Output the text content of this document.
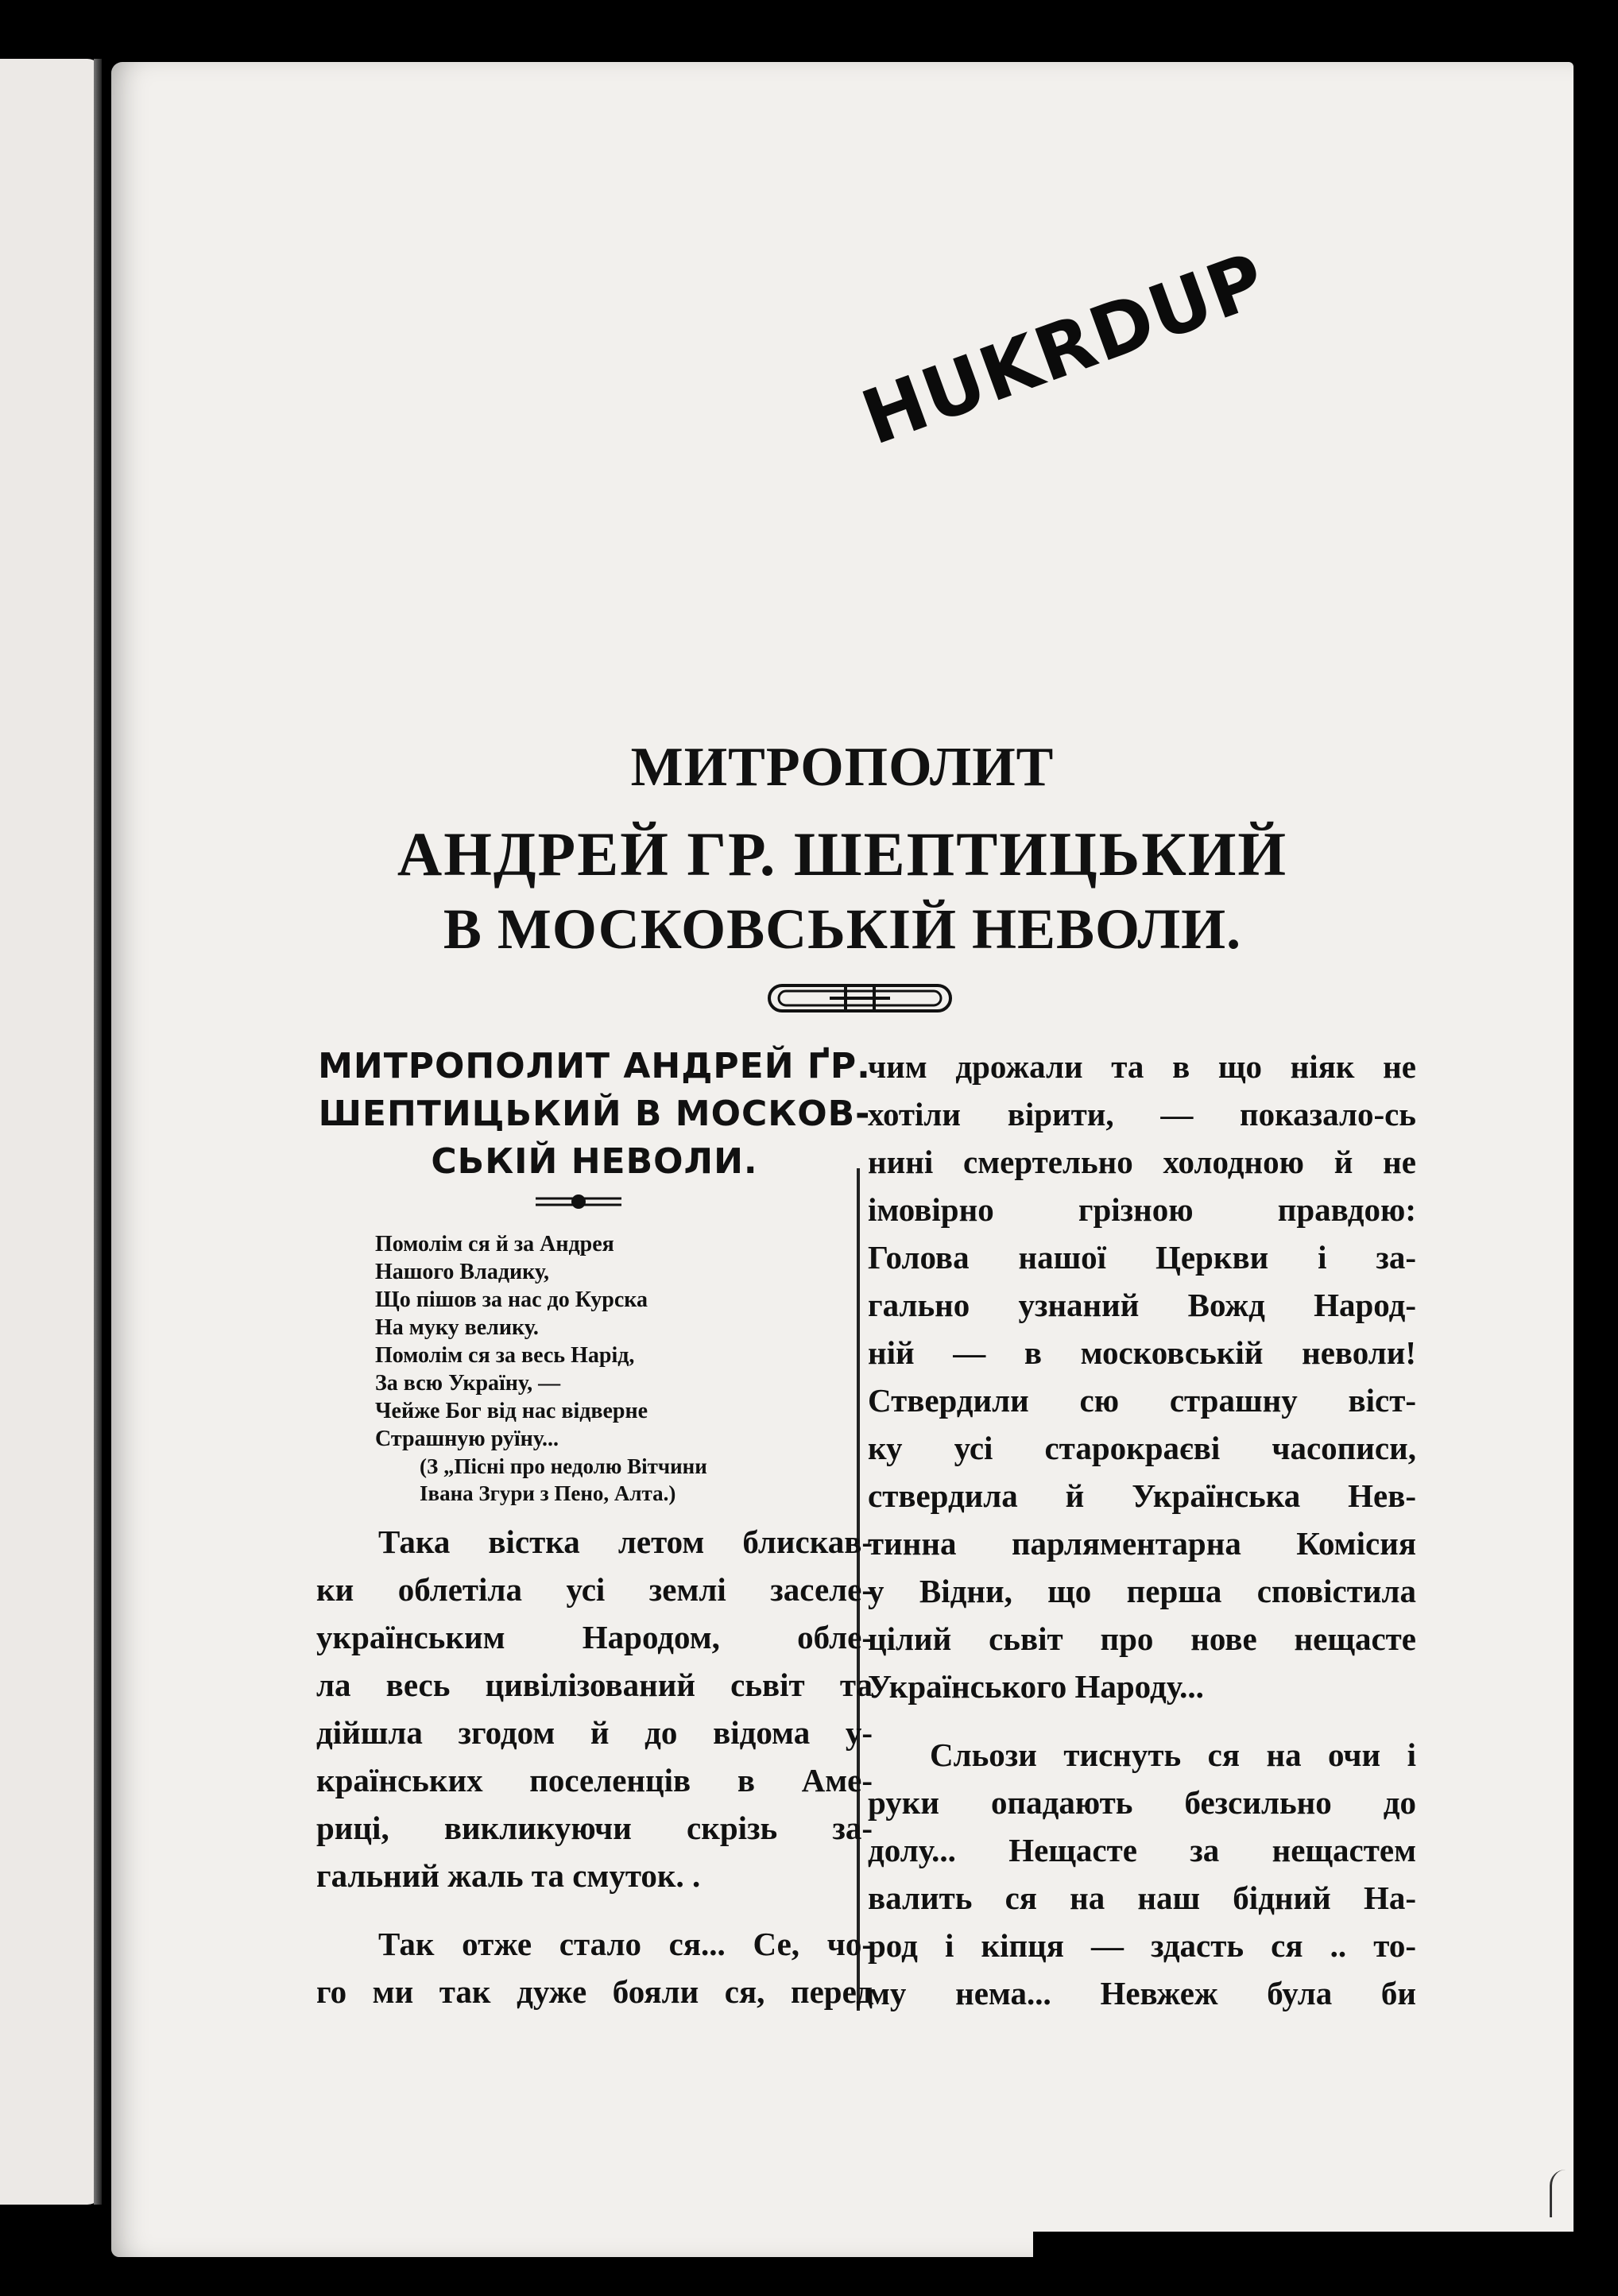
HUKRDUP
МИТРОПОЛИТ
АНДРЕЙ ГР. ШЕПТИЦЬКИЙ
В МОСКОВСЬКІЙ НЕВОЛИ.
МИТРОПОЛИТ АНДРЕЙ ҐР.
ШЕПТИЦЬКИЙ В МОСКОВ-
СЬКІЙ НЕВОЛИ.
Помолім ся й за Андрея
Нашого Владику,
Що пішов за нас до Курска
На муку велику.
Помолім ся за весь Нарід,
За всю Україну, —
Чейже Бог від нас відверне
Страшную руїну...
(З „Пісні про недолю Вітчини
Івана Згури з Пено, Алта.)
Така вістка летом блискав-
ки облетіла усі землі заселе-
українським Народом, обле-
ла весь цивілізований сьвіт та
дійшла згодом й до відома у-
країнських поселенців в Аме-
риці, викликуючи скрізь за-
гальний жаль та смуток. .
Так отже стало ся... Се, чо-
го ми так дуже бояли ся, перед
чим дрожали та в що ніяк не
хотіли вірити, — показало-сь
нині смертельно холодною й не
імовірно грізною правдою:
Голова нашої Церкви і за-
гально узнаний Вожд Народ-
ній — в московській неволи!
Ствердили сю страшну віст-
ку усі старокраєві часописи,
ствердила й Українська Нев-
тинна парляментарна Комісия
у Відни, що перша сповістила
цілий сьвіт про нове нещасте
Українського Народу...
Сльози тиснуть ся на очи і
руки опадають безсильно до
долу... Нещасте за нещастем
валить ся на наш бідний На-
род і кіпця — здасть ся .. то-
му нема... Невжеж була би
